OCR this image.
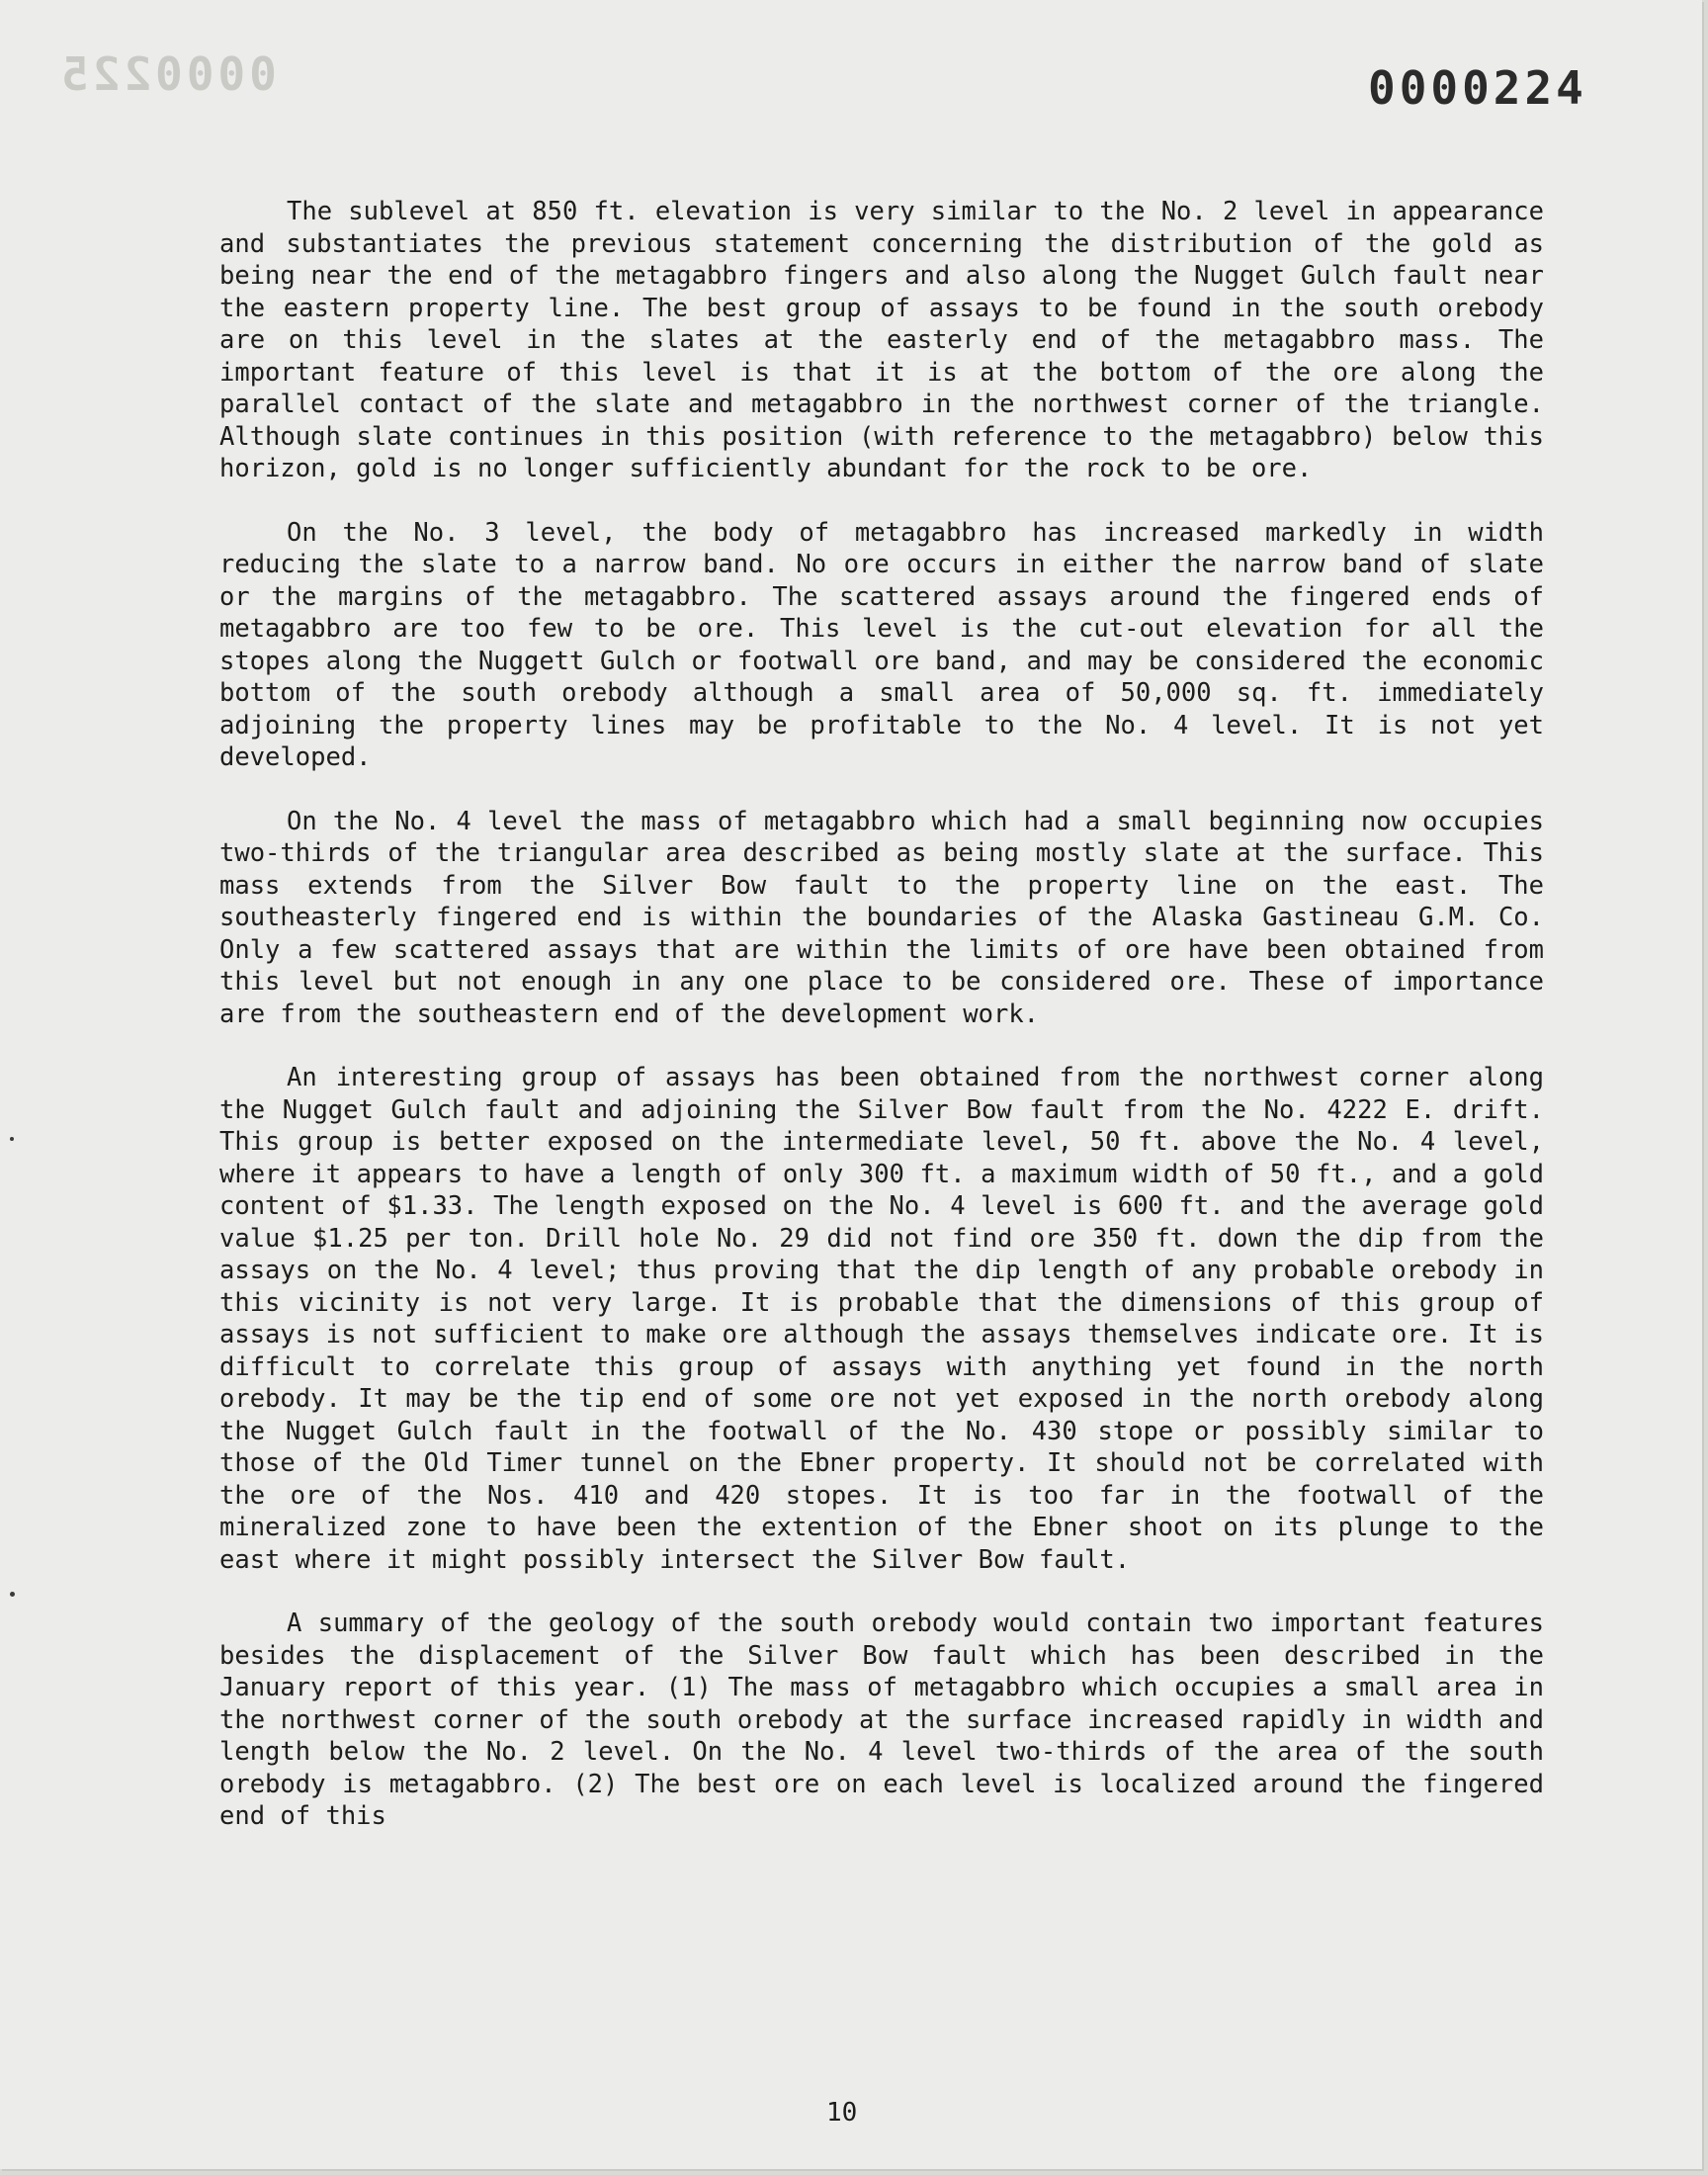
0000225	0000224

The sublevel at 850 ft. elevation is very similar to the No. 2 level in appearance and substantiates the previous statement concerning the distribution of the gold as being near the end of the metagabbro fingers and also along the Nugget Gulch fault near the eastern property line. The best group of assays to be found in the south orebody are on this level in the slates at the easterly end of the metagabbro mass. The important feature of this level is that it is at the bottom of the ore along the parallel contact of the slate and metagabbro in the northwest corner of the triangle. Although slate continues in this position (with reference to the metagabbro) below this horizon, gold is no longer sufficiently abundant for the rock to be ore.

On the No. 3 level, the body of metagabbro has increased markedly in width reducing the slate to a narrow band. No ore occurs in either the narrow band of slate or the margins of the metagabbro. The scattered assays around the fingered ends of metagabbro are too few to be ore. This level is the cut-out elevation for all the stopes along the Nuggett Gulch or footwall ore band, and may be considered the economic bottom of the south orebody although a small area of 50,000 sq. ft. immediately adjoining the property lines may be profitable to the No. 4 level. It is not yet developed.

On the No. 4 level the mass of metagabbro which had a small beginning now occupies two-thirds of the triangular area described as being mostly slate at the surface. This mass extends from the Silver Bow fault to the property line on the east. The southeasterly fingered end is within the boundaries of the Alaska Gastineau G.M. Co. Only a few scattered assays that are within the limits of ore have been obtained from this level but not enough in any one place to be considered ore. These of importance are from the southeastern end of the development work.

An interesting group of assays has been obtained from the northwest corner along the Nugget Gulch fault and adjoining the Silver Bow fault from the No. 4222 E. drift. This group is better exposed on the intermediate level, 50 ft. above the No. 4 level, where it appears to have a length of only 300 ft. a maximum width of 50 ft., and a gold content of $1.33. The length exposed on the No. 4 level is 600 ft. and the average gold value $1.25 per ton. Drill hole No. 29 did not find ore 350 ft. down the dip from the assays on the No. 4 level; thus proving that the dip length of any probable orebody in this vicinity is not very large. It is probable that the dimensions of this group of assays is not sufficient to make ore although the assays themselves indicate ore. It is difficult to correlate this group of assays with anything yet found in the north orebody. It may be the tip end of some ore not yet exposed in the north orebody along the Nugget Gulch fault in the footwall of the No. 430 stope or possibly similar to those of the Old Timer tunnel on the Ebner property. It should not be correlated with the ore of the Nos. 410 and 420 stopes. It is too far in the footwall of the mineralized zone to have been the extention of the Ebner shoot on its plunge to the east where it might possibly intersect the Silver Bow fault.

A summary of the geology of the south orebody would contain two important features besides the displacement of the Silver Bow fault which has been described in the January report of this year. (1) The mass of metagabbro which occupies a small area in the northwest corner of the south orebody at the surface increased rapidly in width and length below the No. 2 level. On the No. 4 level two-thirds of the area of the south orebody is metagabbro. (2) The best ore on each level is localized around the fingered end of this

10
